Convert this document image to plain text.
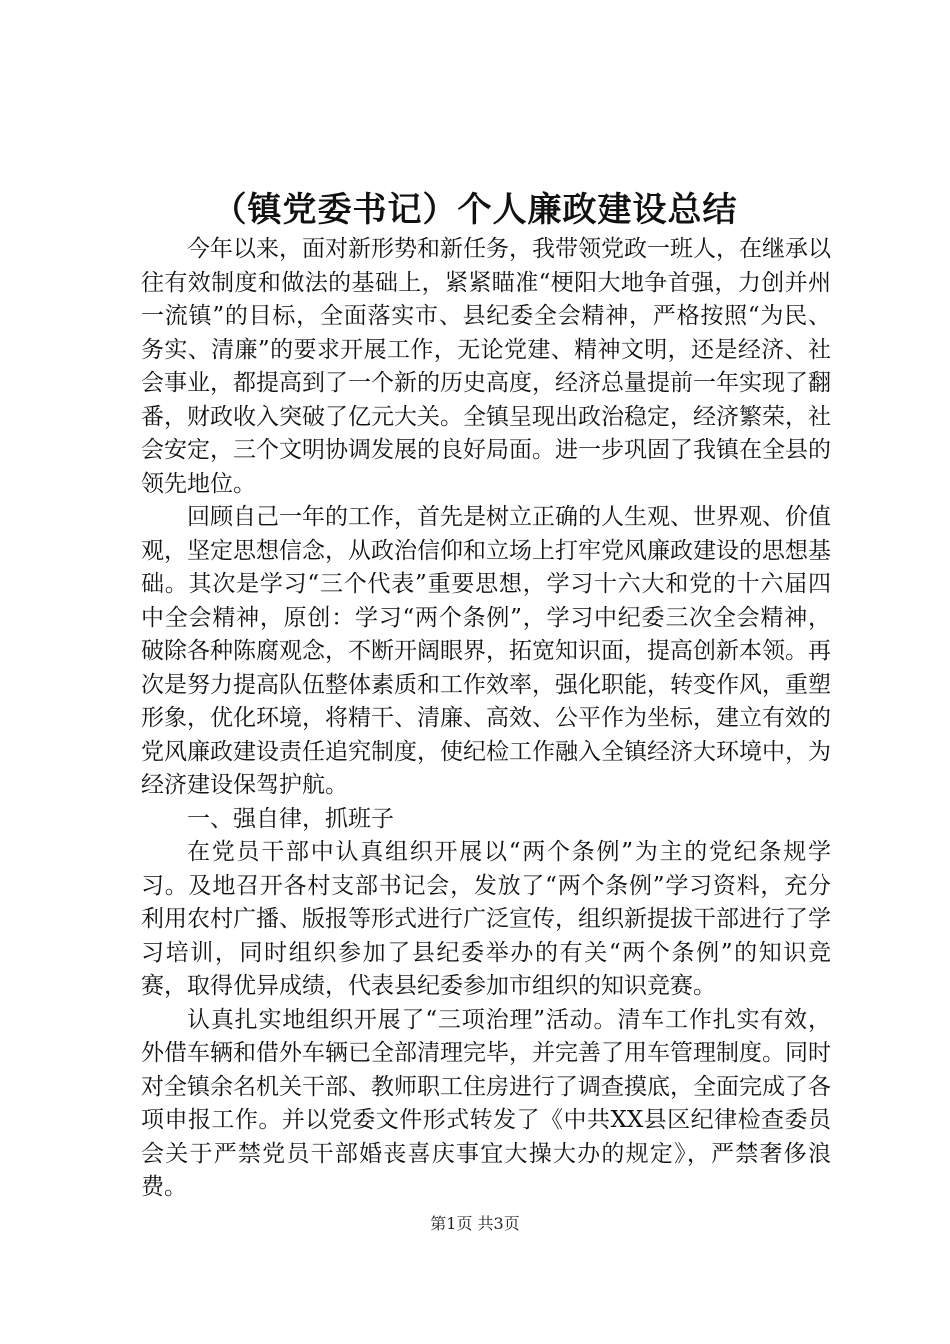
（镇党委书记）个人廉政建设总结

今年以来，面对新形势和新任务，我带领党政一班人，在继承以往有效制度和做法的基础上，紧紧瞄准“梗阳大地争首强，力创并州一流镇”的目标，全面落实市、县纪委全会精神，严格按照“为民、务实、清廉”的要求开展工作，无论党建、精神文明，还是经济、社会事业，都提高到了一个新的历史高度，经济总量提前一年实现了翻番，财政收入突破了亿元大关。全镇呈现出政治稳定，经济繁荣，社会安定，三个文明协调发展的良好局面。进一步巩固了我镇在全县的领先地位。

回顾自己一年的工作，首先是树立正确的人生观、世界观、价值观，坚定思想信念，从政治信仰和立场上打牢党风廉政建设的思想基础。其次是学习“三个代表”重要思想，学习十六大和党的十六届四中全会精神，原创：学习“两个条例”，学习中纪委三次全会精神，破除各种陈腐观念，不断开阔眼界，拓宽知识面，提高创新本领。再次是努力提高队伍整体素质和工作效率，强化职能，转变作风，重塑形象，优化环境，将精干、清廉、高效、公平作为坐标，建立有效的党风廉政建设责任追究制度，使纪检工作融入全镇经济大环境中，为经济建设保驾护航。

一、强自律，抓班子

在党员干部中认真组织开展以“两个条例”为主的党纪条规学习。及地召开各村支部书记会，发放了“两个条例”学习资料，充分利用农村广播、版报等形式进行广泛宣传，组织新提拔干部进行了学习培训，同时组织参加了县纪委举办的有关“两个条例”的知识竞赛，取得优异成绩，代表县纪委参加市组织的知识竞赛。

认真扎实地组织开展了“三项治理”活动。清车工作扎实有效，外借车辆和借外车辆已全部清理完毕，并完善了用车管理制度。同时对全镇余名机关干部、教师职工住房进行了调查摸底，全面完成了各项申报工作。并以党委文件形式转发了《中共XX县区纪律检查委员会关于严禁党员干部婚丧喜庆事宜大操大办的规定》，严禁奢侈浪费。

第1页 共3页
